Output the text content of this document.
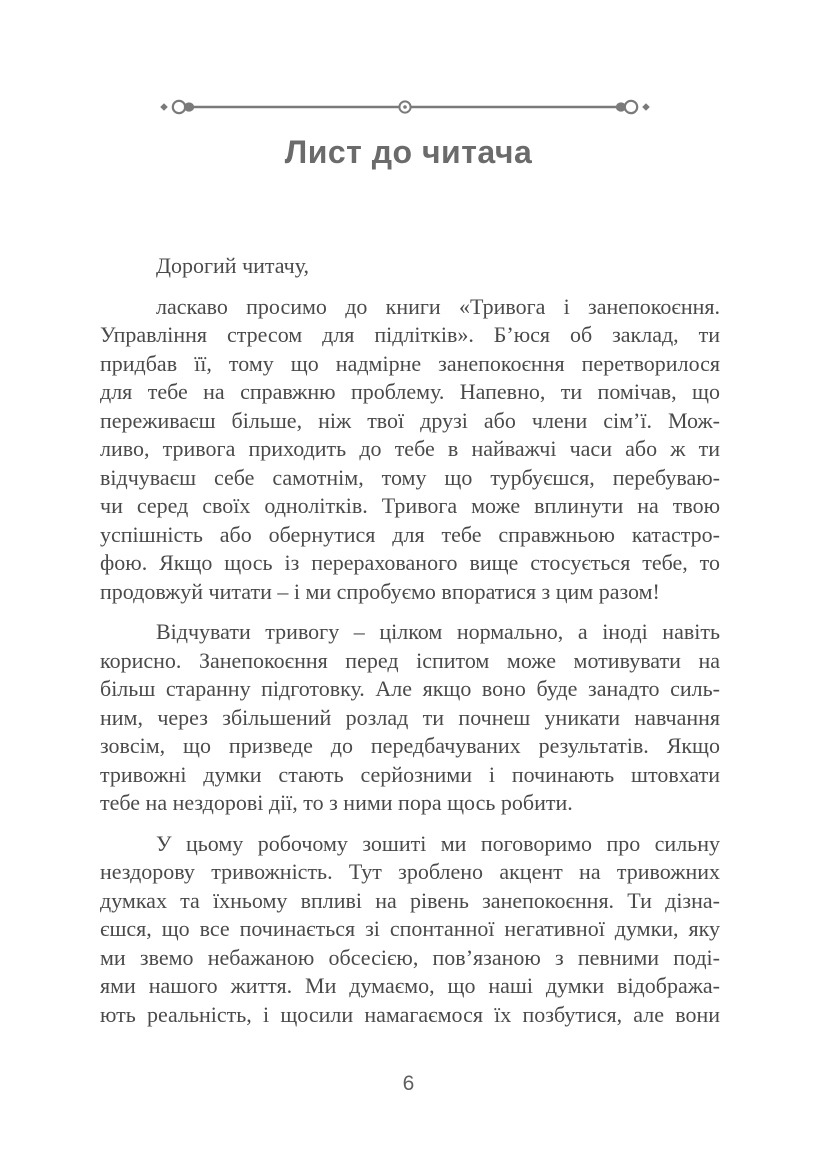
Лист до читача
Дорогий читачу,
ласкаво просимо до книги «Тривога і занепокоєння.
Управління стресом для підлітків». Б’юся об заклад, ти
придбав її, тому що надмірне занепокоєння перетворилося
для тебе на справжню проблему. Напевно, ти помічав, що
переживаєш більше, ніж твої друзі або члени сім’ї. Мож-
ливо, тривога приходить до тебе в найважчі часи або ж ти
відчуваєш себе самотнім, тому що турбуєшся, перебуваю-
чи серед своїх однолітків. Тривога може вплинути на твою
успішність або обернутися для тебе справжньою катастро-
фою. Якщо щось із перерахованого вище стосується тебе, то
продовжуй читати – і ми спробуємо впоратися з цим разом!
Відчувати тривогу – цілком нормально, а іноді навіть
корисно. Занепокоєння перед іспитом може мотивувати на
більш старанну підготовку. Але якщо воно буде занадто силь-
ним, через збільшений розлад ти почнеш уникати навчання
зовсім, що призведе до передбачуваних результатів. Якщо
тривожні думки стають серйозними і починають штовхати
тебе на нездорові дії, то з ними пора щось робити.
У цьому робочому зошиті ми поговоримо про сильну
нездорову тривожність. Тут зроблено акцент на тривожних
думках та їхньому впливі на рівень занепокоєння. Ти дізна-
єшся, що все починається зі спонтанної негативної думки, яку
ми звемо небажаною обсесією, пов’язаною з певними поді-
ями нашого життя. Ми думаємо, що наші думки відобража-
ють реальність, і щосили намагаємося їх позбутися, але вони
6
